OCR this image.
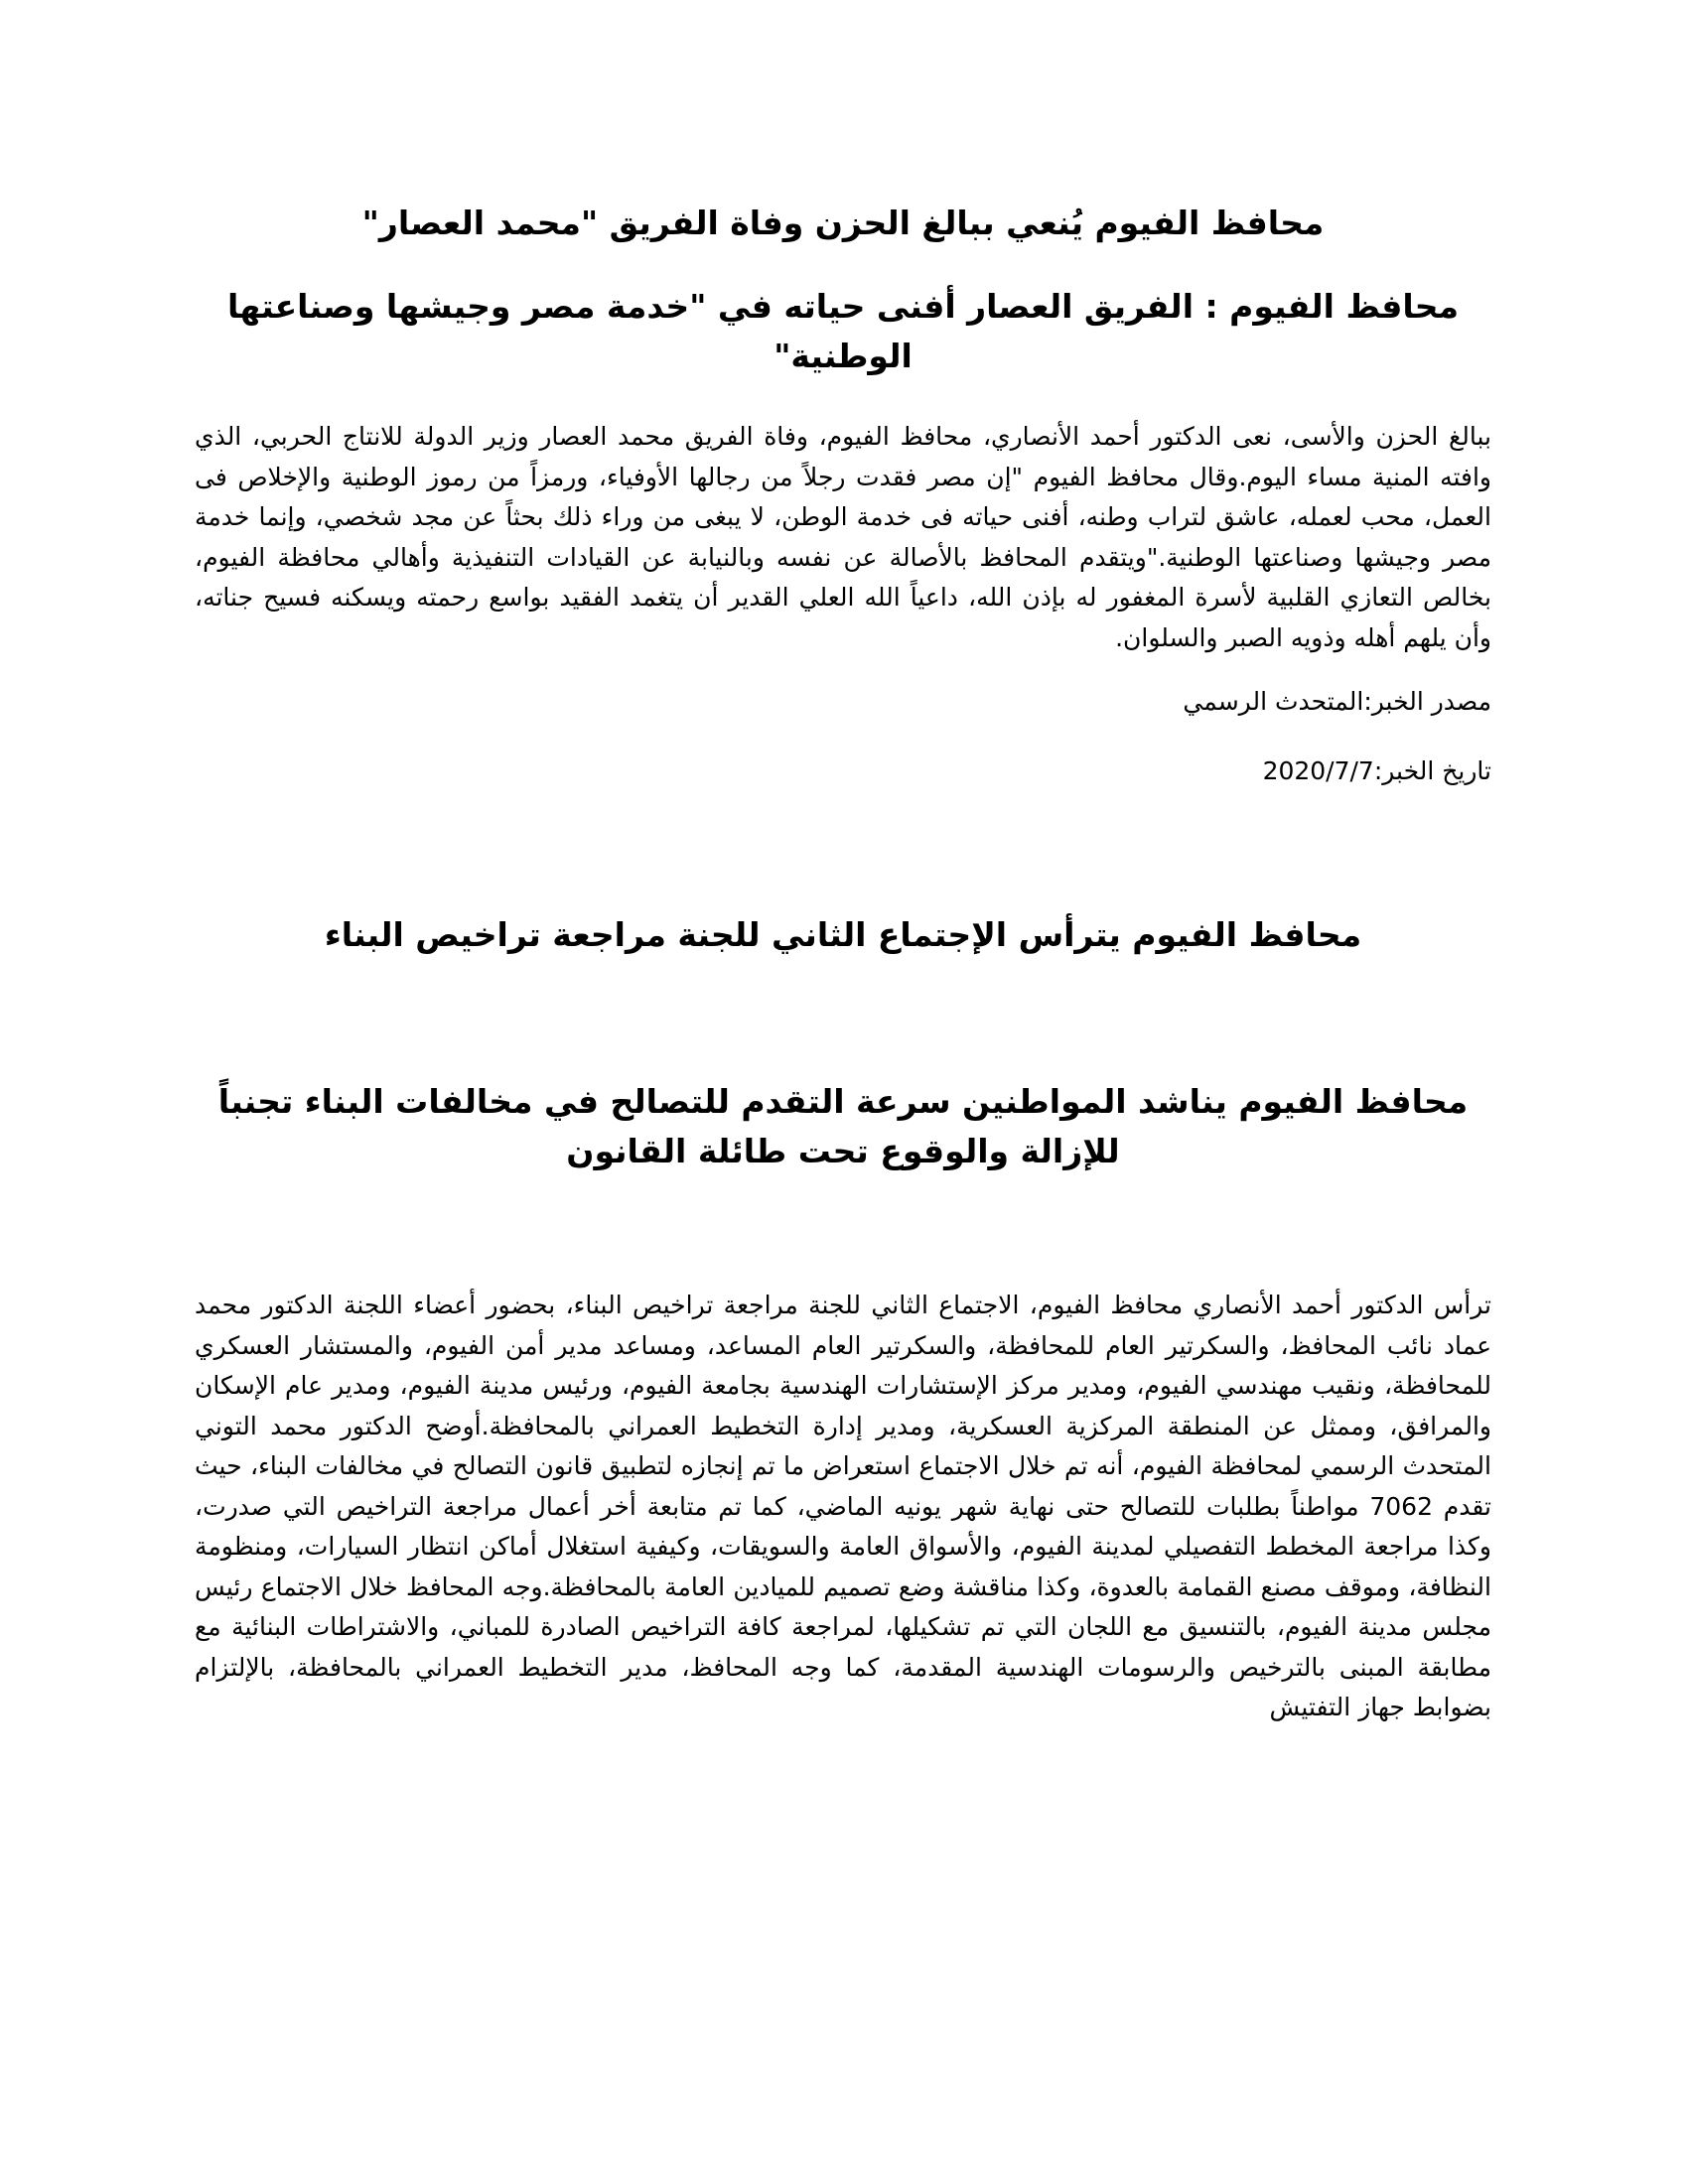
محافظ الفيوم يُنعي ببالغ الحزن وفاة الفريق "محمد العصار"
محافظ الفيوم : الفريق العصار أفنى حياته في "خدمة مصر وجيشها وصناعتها الوطنية"

ببالغ الحزن والأسى، نعى الدكتور أحمد الأنصاري، محافظ الفيوم، وفاة الفريق محمد العصار وزير الدولة للانتاج الحربي، الذي وافته المنية مساء اليوم.وقال محافظ الفيوم "إن مصر فقدت رجلاً من رجالها الأوفياء، ورمزاً من رموز الوطنية والإخلاص فى العمل، محب لعمله، عاشق لتراب وطنه، أفنى حياته فى خدمة الوطن، لا يبغى من وراء ذلك بحثاً عن مجد شخصي، وإنما خدمة مصر وجيشها وصناعتها الوطنية."ويتقدم المحافظ بالأصالة عن نفسه وبالنيابة عن القيادات التنفيذية وأهالي محافظة الفيوم، بخالص التعازي القلبية لأسرة المغفور له بإذن الله، داعياً الله العلي القدير أن يتغمد الفقيد بواسع رحمته ويسكنه فسيح جناته، وأن يلهم أهله وذويه الصبر والسلوان.

مصدر الخبر:المتحدث الرسمي

تاريخ الخبر:2020/7/7

محافظ الفيوم يترأس الإجتماع الثاني للجنة مراجعة تراخيص البناء
محافظ الفيوم يناشد المواطنين سرعة التقدم للتصالح في مخالفات البناء تجنباً للإزالة والوقوع تحت طائلة القانون

ترأس الدكتور أحمد الأنصاري محافظ الفيوم، الاجتماع الثاني للجنة مراجعة تراخيص البناء، بحضور أعضاء اللجنة الدكتور محمد عماد نائب المحافظ، والسكرتير العام للمحافظة، والسكرتير العام المساعد، ومساعد مدير أمن الفيوم، والمستشار العسكري للمحافظة، ونقيب مهندسي الفيوم، ومدير مركز الإستشارات الهندسية بجامعة الفيوم، ورئيس مدينة الفيوم، ومدير عام الإسكان والمرافق، وممثل عن المنطقة المركزية العسكرية، ومدير إدارة التخطيط العمراني بالمحافظة.أوضح الدكتور محمد التوني المتحدث الرسمي لمحافظة الفيوم، أنه تم خلال الاجتماع استعراض ما تم إنجازه لتطبيق قانون التصالح في مخالفات البناء، حيث تقدم 7062 مواطناً بطلبات للتصالح حتى نهاية شهر يونيه الماضي، كما تم متابعة أخر أعمال مراجعة التراخيص التي صدرت، وكذا مراجعة المخطط التفصيلي لمدينة الفيوم، والأسواق العامة والسويقات، وكيفية استغلال أماكن انتظار السيارات، ومنظومة النظافة، وموقف مصنع القمامة بالعدوة، وكذا مناقشة وضع تصميم للميادين العامة بالمحافظة.وجه المحافظ خلال الاجتماع رئيس مجلس مدينة الفيوم، بالتنسيق مع اللجان التي تم تشكيلها، لمراجعة كافة التراخيص الصادرة للمباني، والاشتراطات البنائية مع مطابقة المبنى بالترخيص والرسومات الهندسية المقدمة، كما وجه المحافظ، مدير التخطيط العمراني بالمحافظة، بالإلتزام بضوابط جهاز التفتيش
